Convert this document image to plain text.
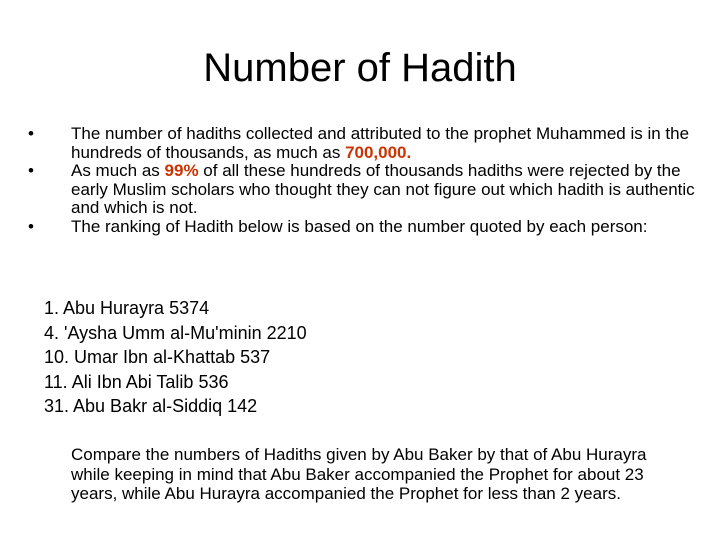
Number of Hadith
• The number of hadiths collected and attributed to the prophet Muhammed is in the hundreds of thousands, as much as 700,000.
• As much as 99% of all these hundreds of thousands hadiths were rejected by the early Muslim scholars who thought they can not figure out which hadith is authentic and which is not.
• The ranking of Hadith below is based on the number quoted by each person:
1. Abu Hurayra 5374
4. 'Aysha Umm al-Mu'minin 2210
10. Umar Ibn al-Khattab 537
11. Ali Ibn Abi Talib 536
31. Abu Bakr al-Siddiq 142

Compare the numbers of Hadiths given by Abu Baker by that of Abu Hurayra while keeping in mind that Abu Baker accompanied the Prophet for about 23 years, while Abu Hurayra accompanied the Prophet for less than 2 years.
